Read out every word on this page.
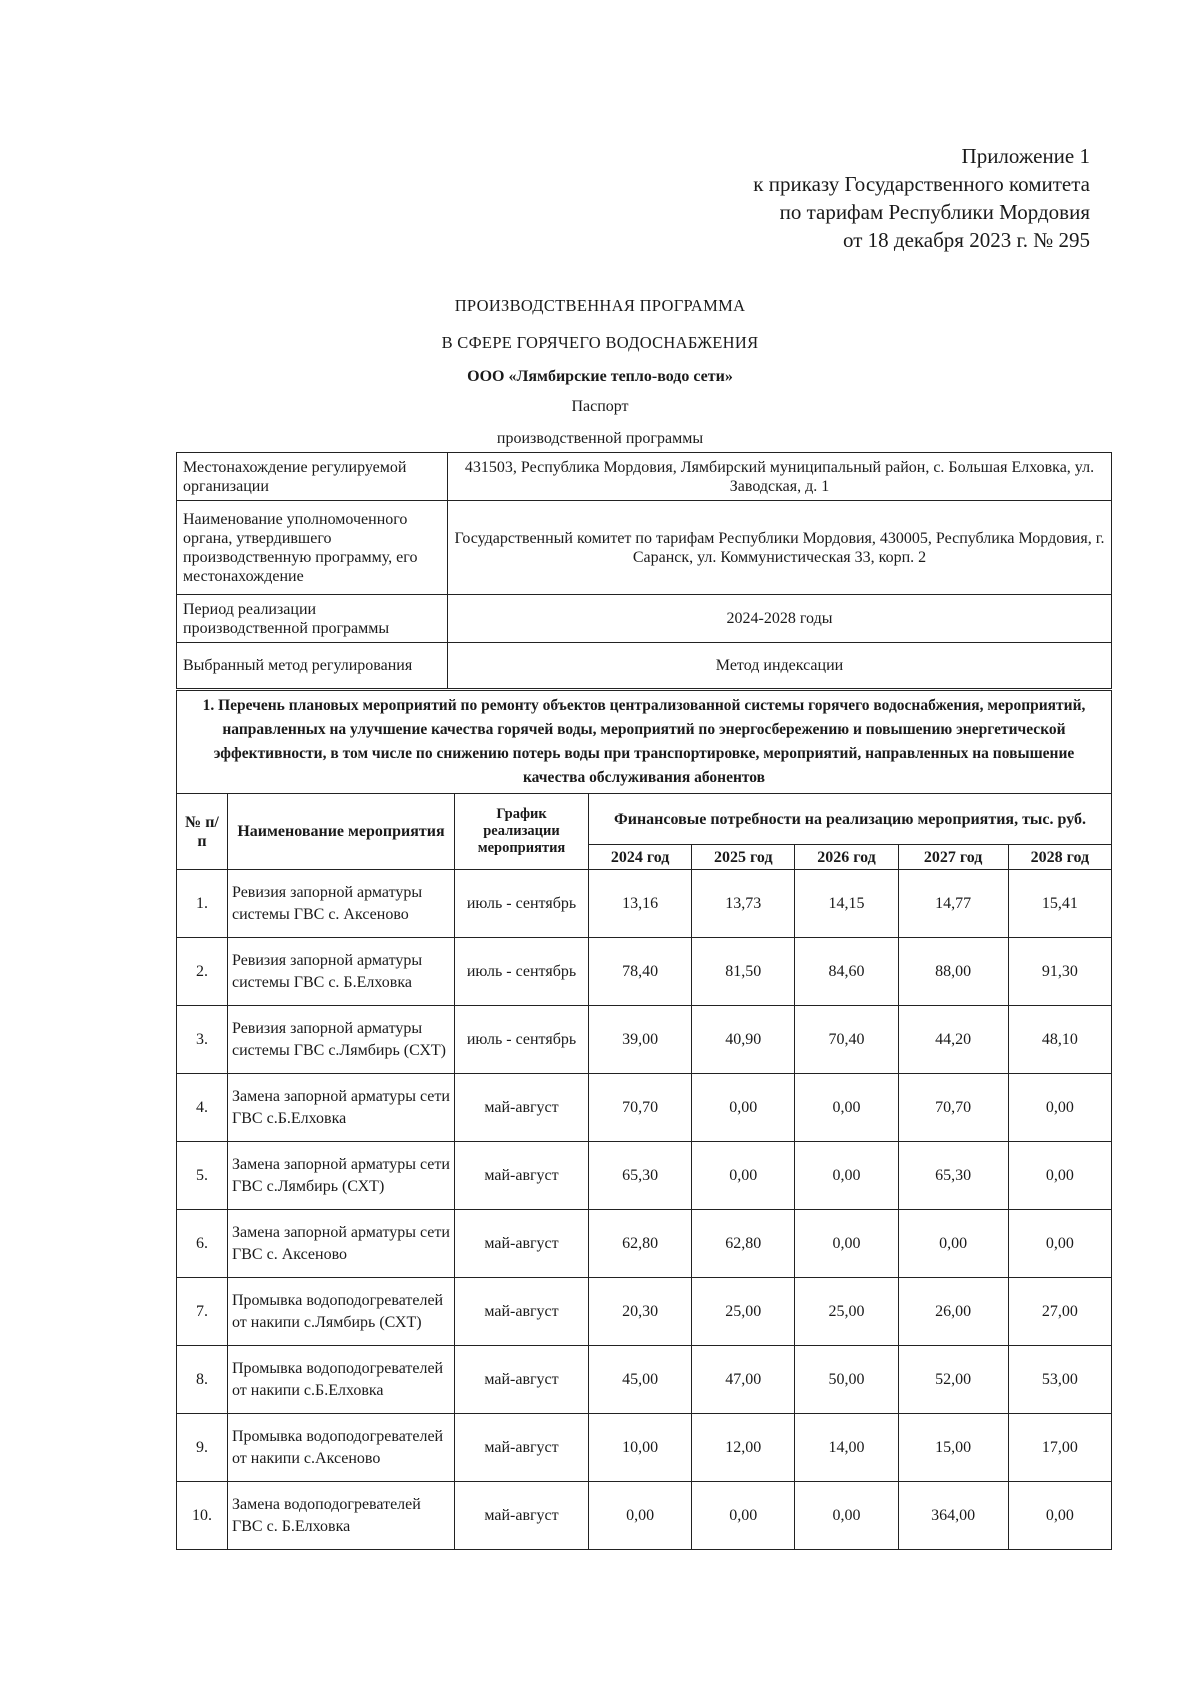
Приложение 1
к приказу Государственного комитета
по тарифам Республики Мордовия
от 18 декабря 2023 г. № 295
ПРОИЗВОДСТВЕННАЯ ПРОГРАММА
В СФЕРЕ ГОРЯЧЕГО ВОДОСНАБЖЕНИЯ
ООО «Лямбирские тепло-водо сети»
Паспорт
производственной программы
Местонахождение регулируемой организации	431503, Республика Мордовия, Лямбирский муниципальный район, с. Большая Елховка, ул. Заводская, д. 1
Наименование уполномоченного органа, утвердившего производственную программу, его местонахождение	Государственный комитет по тарифам Республики Мордовия, 430005, Республика Мордовия, г. Саранск, ул. Коммунистическая 33, корп. 2
Период реализации производственной программы	2024-2028 годы
Выбранный метод регулирования	Метод индексации
1. Перечень плановых мероприятий по ремонту объектов централизованной системы горячего водоснабжения, мероприятий, направленных на улучшение качества горячей воды, мероприятий по энергосбережению и повышению энергетической эффективности, в том числе по снижению потерь воды при транспортировке, мероприятий, направленных на повышение качества обслуживания абонентов							
№ п/п	Наименование мероприятия	График реализации мероприятия	Финансовые потребности на реализацию мероприятия, тыс. руб.				
			2024 год	2025 год	2026 год	2027 год	2028 год
1.	Ревизия запорной арматуры системы ГВС с. Аксеново	июль - сентябрь	13,16	13,73	14,15	14,77	15,41
2.	Ревизия запорной арматуры системы ГВС с. Б.Елховка	июль - сентябрь	78,40	81,50	84,60	88,00	91,30
3.	Ревизия запорной арматуры системы ГВС с.Лямбирь (СХТ)	июль - сентябрь	39,00	40,90	70,40	44,20	48,10
4.	Замена запорной арматуры сети ГВС с.Б.Елховка	май-август	70,70	0,00	0,00	70,70	0,00
5.	Замена запорной арматуры сети ГВС с.Лямбирь (СХТ)	май-август	65,30	0,00	0,00	65,30	0,00
6.	Замена запорной арматуры сети ГВС с. Аксеново	май-август	62,80	62,80	0,00	0,00	0,00
7.	Промывка водоподогревателей от накипи с.Лямбирь (СХТ)	май-август	20,30	25,00	25,00	26,00	27,00
8.	Промывка водоподогревателей от накипи с.Б.Елховка	май-август	45,00	47,00	50,00	52,00	53,00
9.	Промывка водоподогревателей от накипи с.Аксеново	май-август	10,00	12,00	14,00	15,00	17,00
10.	Замена водоподогревателей ГВС с. Б.Елховка	май-август	0,00	0,00	0,00	364,00	0,00
